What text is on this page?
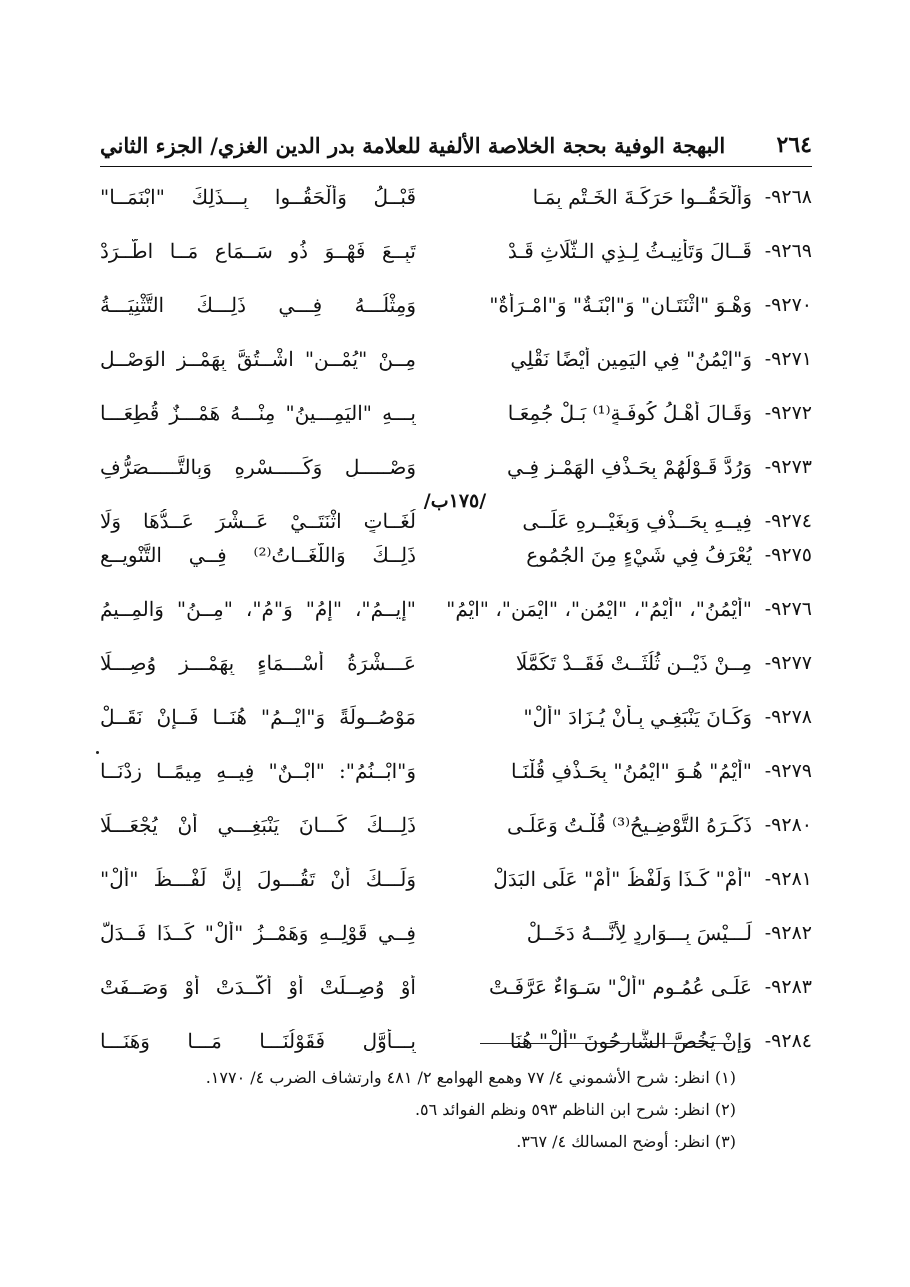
٢٦٤
البهجة الوفية بحجة الخلاصة الألفية للعلامة بدر الدين الغزي/ الجزء الثاني
٩٢٦٨-
وَأَلْحَقُــوا حَرَكَـةَ الخَـتْمِ بِمَـا
قَبْــلُ وَأَلْحَقُــوا بِـــذَلِكَ "ابْنَمَــا"
٩٢٦٩-
قَــالَ وَتَأْنِيـثُ لِـذِي الـثَّلَاثِ قَـدْ
تَبِــعَ فَهْــوَ ذُو سَــمَاعٍ مَــا اطَّــرَدْ
٩٢٧٠-
وَهْـوَ "اثْنَتَـانِ" وَ"ابْنَـةٌ" وَ"امْـرَأَةٌ"
وَمِثْلُـــهُ فِـــي ذَلِـــكَ التَّثْنِيَـــةُ
٩٢٧١-
وَ"ايْمُنُ" فِي اليَمِينِ أَيْضًا نَقْلِي
مِــنْ "يُمْــنٍ" اشْــتُقَّ بِهَمْــزِ الوَصْــلِ
٩٢٧٢-
وَقَـالَ أَهْـلُ كُوفَـةٍ⁽¹⁾ بَـلْ جُمِعَـا
بِـــهِ "اليَمِـــينُ" مِنْـــهُ هَمْـــزٌ قُطِعَـــا
٩٢٧٣-
وَرُدَّ قَـوْلُهُمْ بِحَـذْفِ الهَمْـزِ فِـي
وَصْـــــلٍ وَكَـــــسْرِهِ وَبِالتَّـــــصَرُّفِ
٩٢٧٤-
فِيــهِ بِحَــذْفٍ وَبِغَيْــرِهِ عَلَــى
لُغَــاتٍ اثْنَتَــيْ عَــشْرَ عَــدُّهَا وَلَا
/١٧٥ب/
٩٢٧٥-
يُعْرَفُ فِي شَيْءٍ مِنَ الجُمُوعِ
ذَلِــكَ وَاللُّغَــاتُ⁽²⁾ فِــي التَّنْوِيــعِ
٩٢٧٦-
"أَيْمُنُ"، "أَيْمُ"، "ايْمُنِ"، "ايْمَنِ"، "ايْمُ"
"إِيــمُ"، "إِمُ" وَ"مُ"، "مِــنُ" وَالمِــيمُ
٩٢٧٧-
مِــنْ ذَيْــنِ ثُلُثَــتْ فَقَــدْ تَكَمَّلَا
عَـــشْرَةُ أَسْـــمَاءٍ بِهَمْـــزٍ وُصِـــلَا
٩٢٧٨-
وَكَـانَ يَنْبَغِـي بِـأَنْ يُـزَادَ "أَلْ"
مَوْصُــولَةً وَ"ايْــمُ" هُنَــا فَــإِنْ نَقَــلْ
٩٢٧٩-
"أَيْمُ" هُـوَ "ايْمُنُ" بِحَـذْفٍ قُلْنَـا
وَ"ابْــنُمُ": "ابْــنٌ" فِيــهِ مِيمًــا زِدْنَــا
٩٢٨٠-
ذَكَـرَهُ التَّوْضِـيحُ⁽³⁾ قُلْـتُ وَعَلَـى
ذَلِـــكَ كَـــانَ يَنْبَغِـــي أَنْ يُجْعَـــلَا
٩٢٨١-
"أَمْ" كَـذَا وَلَفْظُ "أَمْ" عَلَى البَدَلْ
وَلَـــكَ أَنْ تَقُـــولَ إِنَّ لَفْـــظَ "أَلْ"
٩٢٨٢-
لَـــيْسَ بِـــوَارِدٍ لِأَنَّـــهُ دَخَــلْ
فِــي قَوْلِــهِ وَهَمْــزُ "أَلْ" كَــذَا فَــدَلّ
٩٢٨٣-
عَلَـى عُمُـومِ "أَلْ" سَـوَاءٌ عَرَّفَـتْ
أَوْ وُصِــلَتْ أَوْ أَكَّــدَتْ أَوْ وَصَــفَتْ
٩٢٨٤-
وَإِنْ يَخُصَّ الشَّارِحُونَ "أَلْ" هُنَا
بِـــأَوَّلٍ فَقَوْلُنَـــا مَـــا وَهَنَـــا
(١) انظر: شرح الأشموني ٤/ ٧٧ وهمع الهوامع ٢/ ٤٨١ وارتشاف الضرب ٤/ ١٧٧٠.
(٢) انظر: شرح ابن الناظم ٥٩٣ ونظم الفوائد ٥٦.
(٣) انظر: أوضح المسالك ٤/ ٣٦٧.
